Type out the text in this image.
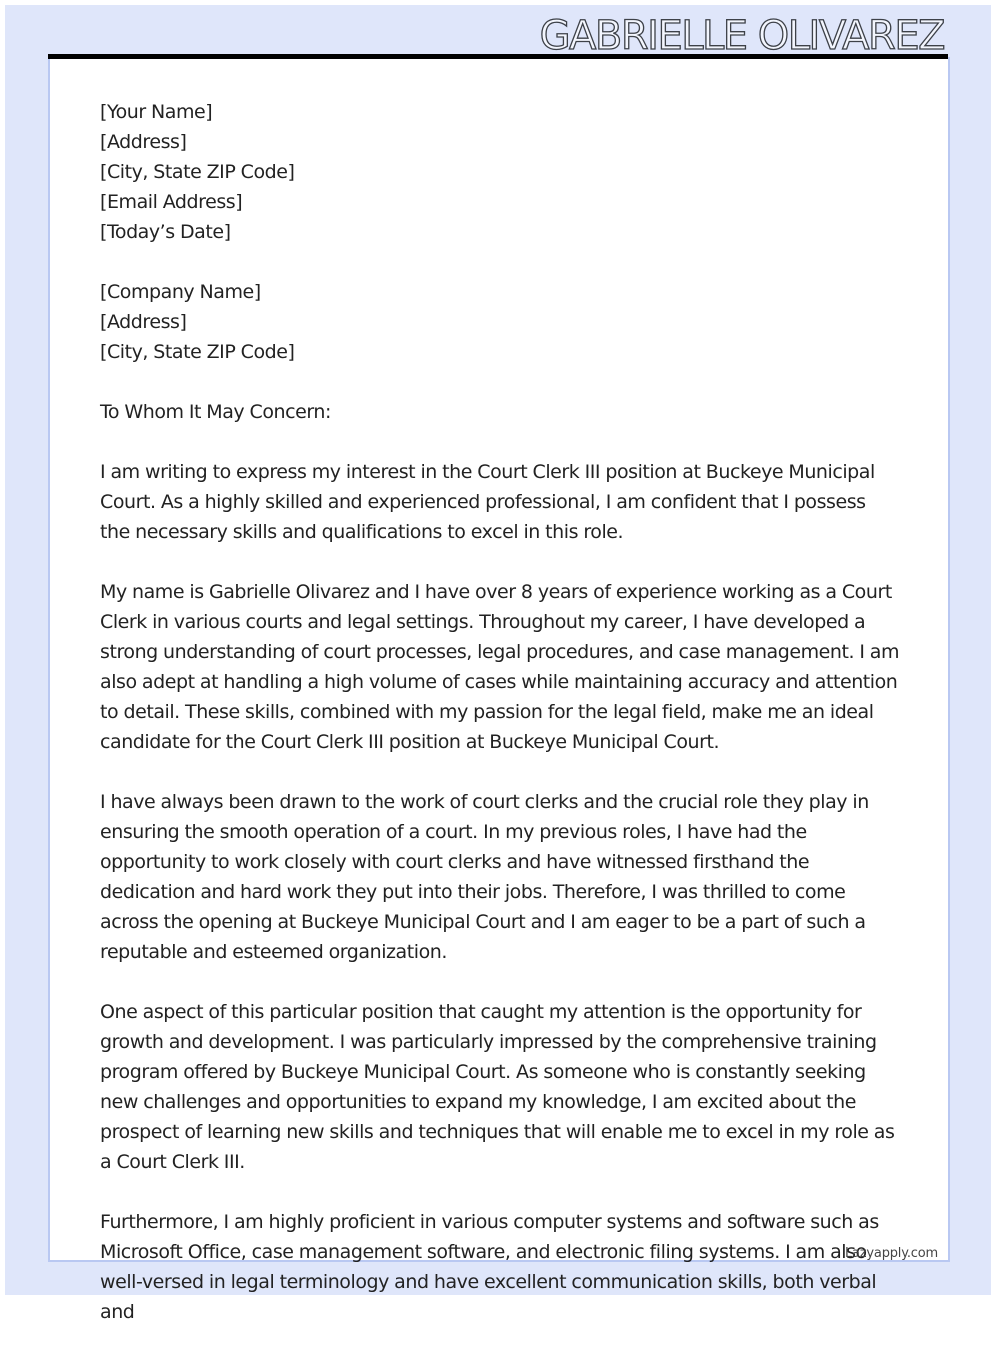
GABRIELLE OLIVAREZ
[Your Name]
[Address]
[City, State ZIP Code]
[Email Address]
[Today’s Date]
[Company Name]
[Address]
[City, State ZIP Code]

To Whom It May Concern:

I am writing to express my interest in the Court Clerk III position at Buckeye Municipal Court. As a highly skilled and experienced professional, I am confident that I possess the necessary skills and qualifications to excel in this role.

My name is Gabrielle Olivarez and I have over 8 years of experience working as a Court Clerk in various courts and legal settings. Throughout my career, I have developed a strong understanding of court processes, legal procedures, and case management. I am also adept at handling a high volume of cases while maintaining accuracy and attention to detail. These skills, combined with my passion for the legal field, make me an ideal candidate for the Court Clerk III position at Buckeye Municipal Court.

I have always been drawn to the work of court clerks and the crucial role they play in ensuring the smooth operation of a court. In my previous roles, I have had the opportunity to work closely with court clerks and have witnessed firsthand the dedication and hard work they put into their jobs. Therefore, I was thrilled to come across the opening at Buckeye Municipal Court and I am eager to be a part of such a reputable and esteemed organization.

One aspect of this particular position that caught my attention is the opportunity for growth and development. I was particularly impressed by the comprehensive training program offered by Buckeye Municipal Court. As someone who is constantly seeking new challenges and opportunities to expand my knowledge, I am excited about the prospect of learning new skills and techniques that will enable me to excel in my role as a Court Clerk III.

Furthermore, I am highly proficient in various computer systems and software such as Microsoft Office, case management software, and electronic filing systems. I am also well-versed in legal terminology and have excellent communication skills, both verbal and

Lazyapply.com
